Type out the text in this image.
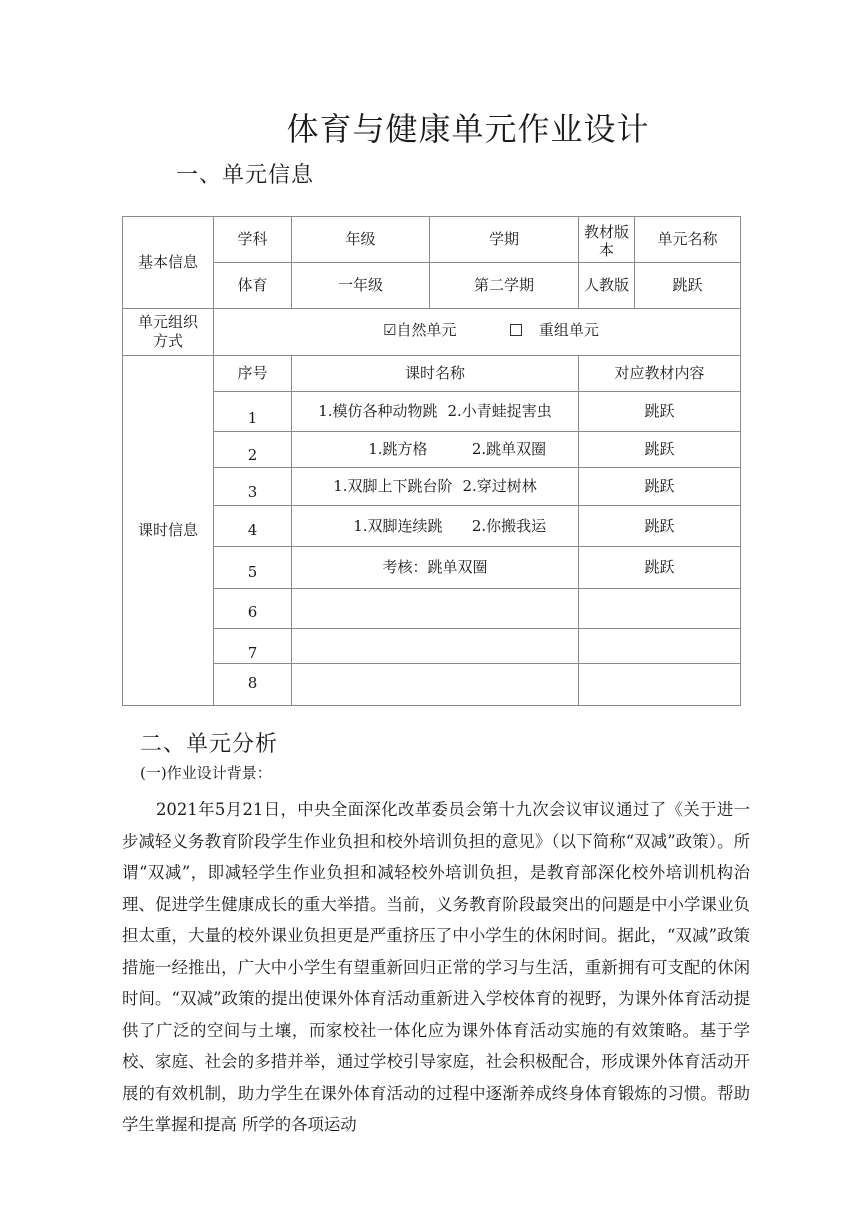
体育与健康单元作业设计
一、单元信息
基本信息	学科	年级	学期	教材版本	单元名称
	体育	一年级	第二学期	人教版	跳跃
单元组织方式	☑自然单元 重组单元				
课时信息	序号	课时名称		对应教材内容	
	1	1.模仿各种动物跳 2.小青蛙捉害虫		跳跃	
	2	1.跳方格 2.跳单双圈		跳跃	
	3	1.双脚上下跳台阶 2.穿过树林		跳跃	
	4	1.双脚连续跳 2.你搬我运		跳跃	
	5	考核：跳单双圈		跳跃	
	6				
	7				
	8				
二、单元分析
(一)作业设计背景：

2021年5月21日，中央全面深化改革委员会第十九次会议审议通过了《关于进一步减轻义务教育阶段学生作业负担和校外培训负担的意见》（以下简称“双减”政策）。所谓“双减”，即减轻学生作业负担和减轻校外培训负担，是教育部深化校外培训机构治理、促进学生健康成长的重大举措。当前，义务教育阶段最突出的问题是中小学课业负担太重，大量的校外课业负担更是严重挤压了中小学生的休闲时间。据此，“双减”政策措施一经推出，广大中小学生有望重新回归正常的学习与生活，重新拥有可支配的休闲时间。“双减”政策的提出使课外体育活动重新进入学校体育的视野，为课外体育活动提供了广泛的空间与土壤，而家校社一体化应为课外体育活动实施的有效策略。基于学校、家庭、社会的多措并举，通过学校引导家庭，社会积极配合，形成课外体育活动开展的有效机制，助力学生在课外体育活动的过程中逐渐养成终身体育锻炼的习惯。帮助学生掌握和提高 所学的各项运动
